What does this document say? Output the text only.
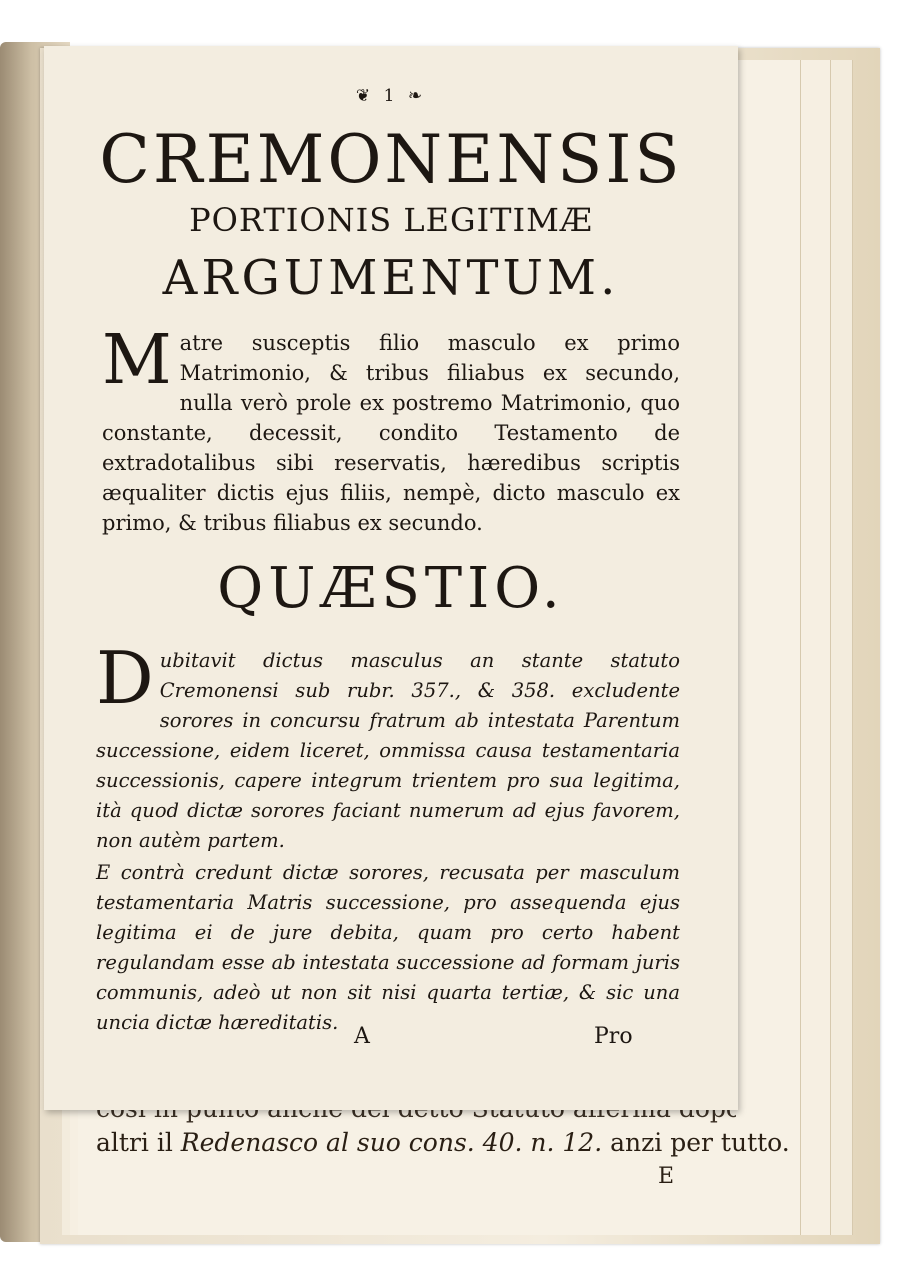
altri il Redenasco al suo cons. 40. n. 12. anzi per tutto.
E
❦ 1 ❧
CREMONENSIS
PORTIONIS LEGITIMÆ
ARGUMENTUM.
Matre susceptis filio masculo ex primo Matrimonio, & tribus filiabus ex secundo, nulla verò prole ex postremo Matrimonio, quo constante, decessit, condito Testamento de extradotalibus sibi reservatis, hæredibus scriptis æqualiter dictis ejus filiis, nempè, dicto masculo ex primo, & tribus filiabus ex secundo.
QUÆSTIO.
Dubitavit dictus masculus an stante statuto Cremonensi sub rubr. 357., & 358. excludente sorores in concursu fratrum ab intestata Parentum successione, eidem liceret, ommissa causa testamentaria successionis, capere integrum trientem pro sua legitima, ità quod dictæ sorores faciant numerum ad ejus favorem, non autèm partem.

E contrà credunt dictæ sorores, recusata per masculum testamentaria Matris successione, pro assequenda ejus legitima ei de jure debita, quam pro certo habent regulandam esse ab intestata successione ad formam juris communis, adeò ut non sit nisi quarta tertiæ, & sic una uncia dictæ hæreditatis.

A	Pro
